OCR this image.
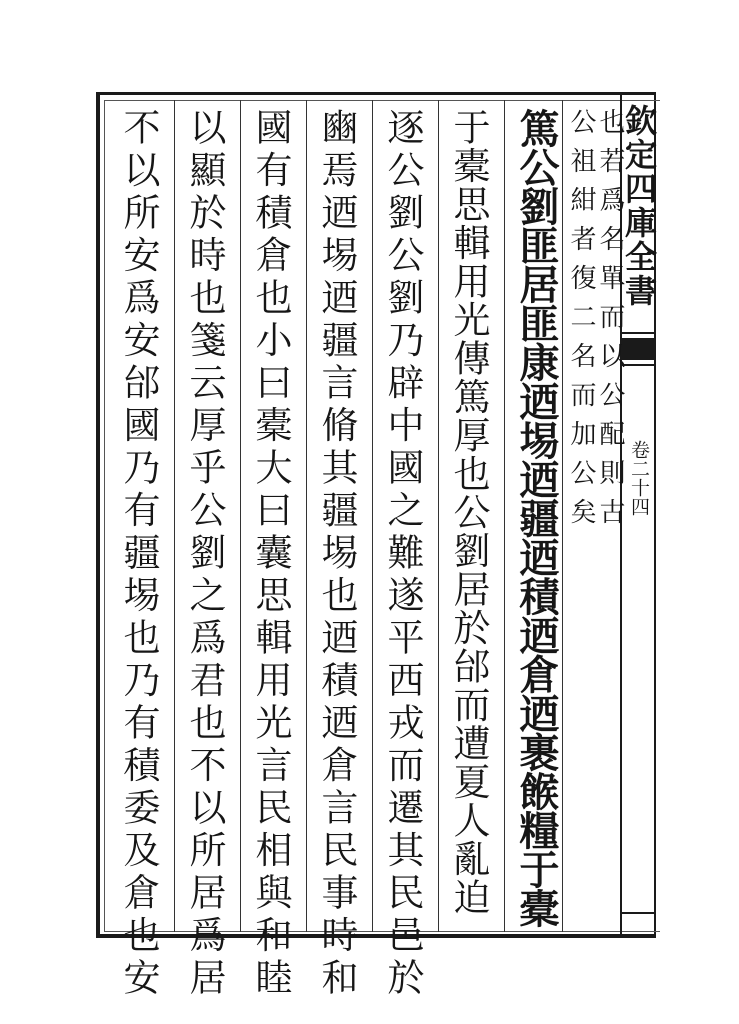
欽定四庫全書
卷二十四
也若爲名單而以公配則古
公祖紺者復二名而加公矣
篤公劉匪居匪康迺埸迺疆迺積迺倉迺裹餱糧于橐
于橐思輯用光傳篤厚也公劉居於邰而遭夏人亂迫
逐公劉公劉乃辟中國之難遂平西戎而遷其民邑於
豳焉迺埸迺疆言脩其疆埸也迺積迺倉言民事時和
國有積倉也小曰橐大曰囊思輯用光言民相與和睦
以顯於時也箋云厚乎公劉之爲君也不以所居爲居
不以所安爲安邰國乃有疆埸也乃有積委及倉也安
